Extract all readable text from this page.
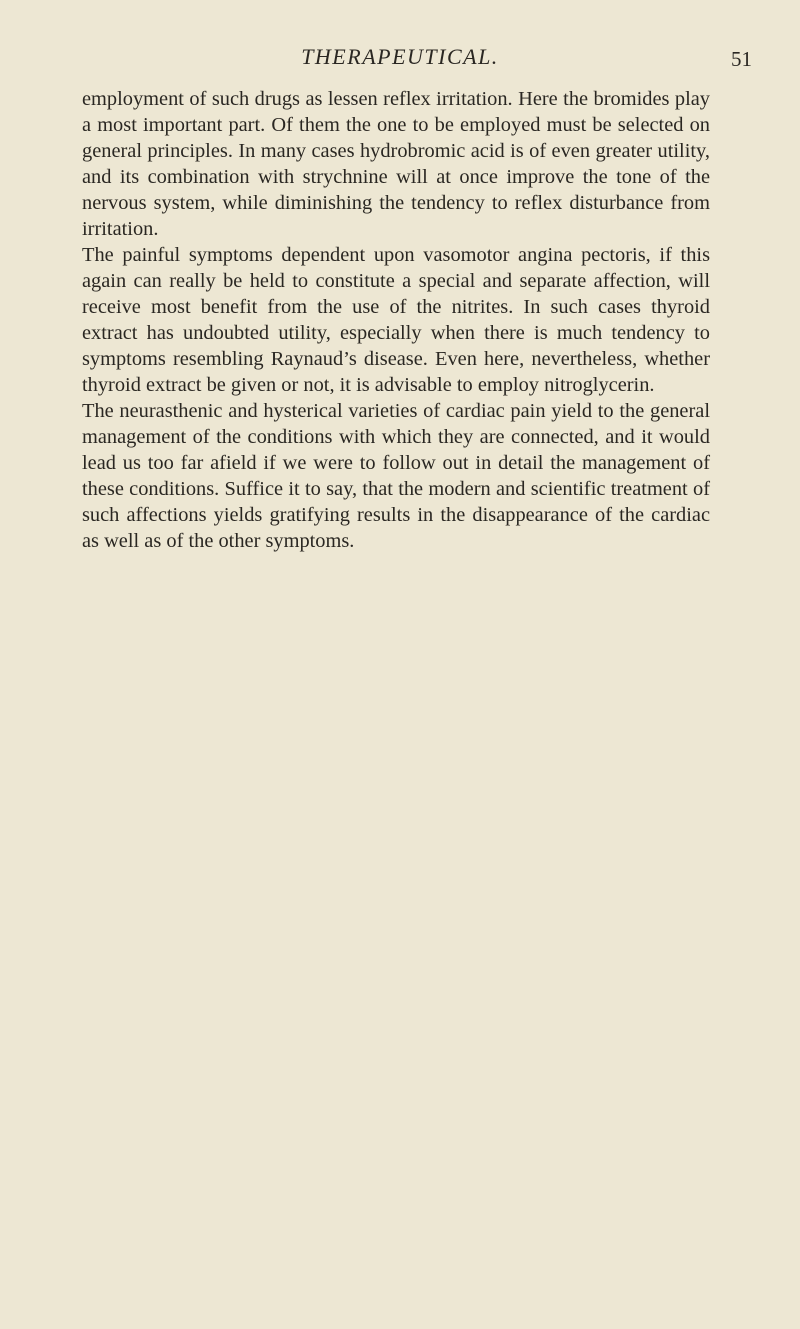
THERAPEUTICAL.	51

employment of such drugs as lessen reflex irritation. Here the bromides play a most important part. Of them the one to be employed must be selected on general principles. In many cases hydrobromic acid is of even greater utility, and its combination with strychnine will at once improve the tone of the nervous system, while diminishing the tendency to reflex disturbance from irritation.

The painful symptoms dependent upon vasomotor angina pectoris, if this again can really be held to constitute a special and separate affection, will receive most benefit from the use of the nitrites. In such cases thyroid extract has undoubted utility, especially when there is much tendency to symptoms resembling Raynaud’s disease. Even here, nevertheless, whether thyroid extract be given or not, it is advisable to employ nitroglycerin.

The neurasthenic and hysterical varieties of cardiac pain yield to the general management of the conditions with which they are connected, and it would lead us too far afield if we were to follow out in detail the management of these conditions. Suffice it to say, that the modern and scientific treatment of such affections yields gratifying results in the disappearance of the cardiac as well as of the other symptoms.
